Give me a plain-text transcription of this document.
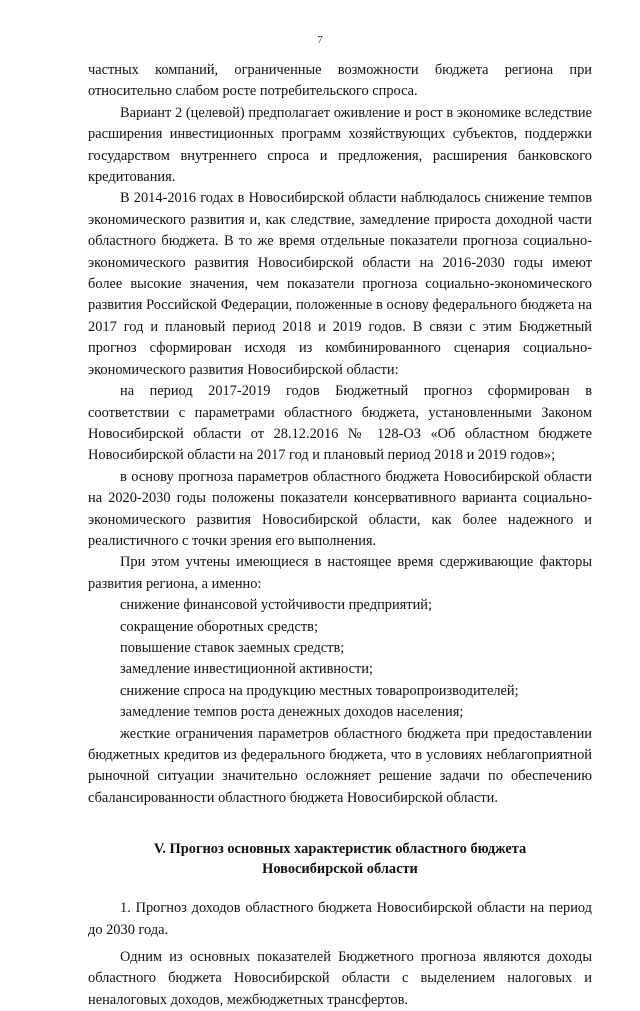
7

частных компаний, ограниченные возможности бюджета региона при относительно слабом росте потребительского спроса.

Вариант 2 (целевой) предполагает оживление и рост в экономике вследствие расширения инвестиционных программ хозяйствующих субъектов, поддержки государством внутреннего спроса и предложения, расширения банковского кредитования.

В 2014-2016 годах в Новосибирской области наблюдалось снижение темпов экономического развития и, как следствие, замедление прироста доходной части областного бюджета. В то же время отдельные показатели прогноза социально-экономического развития Новосибирской области на 2016-2030 годы имеют более высокие значения, чем показатели прогноза социально-экономического развития Российской Федерации, положенные в основу федерального бюджета на 2017 год и плановый период 2018 и 2019 годов. В связи с этим Бюджетный прогноз сформирован исходя из комбинированного сценария социально-экономического развития Новосибирской области:

на период 2017-2019 годов Бюджетный прогноз сформирован в соответствии с параметрами областного бюджета, установленными Законом Новосибирской области от 28.12.2016 № 128-ОЗ «Об областном бюджете Новосибирской области на 2017 год и плановый период 2018 и 2019 годов»;

в основу прогноза параметров областного бюджета Новосибирской области на 2020-2030 годы положены показатели консервативного варианта социально-экономического развития Новосибирской области, как более надежного и реалистичного с точки зрения его выполнения.

При этом учтены имеющиеся в настоящее время сдерживающие факторы развития региона, а именно:

снижение финансовой устойчивости предприятий;

сокращение оборотных средств;

повышение ставок заемных средств;

замедление инвестиционной активности;

снижение спроса на продукцию местных товаропроизводителей;

замедление темпов роста денежных доходов населения;

жесткие ограничения параметров областного бюджета при предоставлении бюджетных кредитов из федерального бюджета, что в условиях неблагоприятной рыночной ситуации значительно осложняет решение задачи по обеспечению сбалансированности областного бюджета Новосибирской области.

V. Прогноз основных характеристик областного бюджета
Новосибирской области

1. Прогноз доходов областного бюджета Новосибирской области на период до 2030 года.

Одним из основных показателей Бюджетного прогноза являются доходы областного бюджета Новосибирской области с выделением налоговых и неналоговых доходов, межбюджетных трансфертов.
